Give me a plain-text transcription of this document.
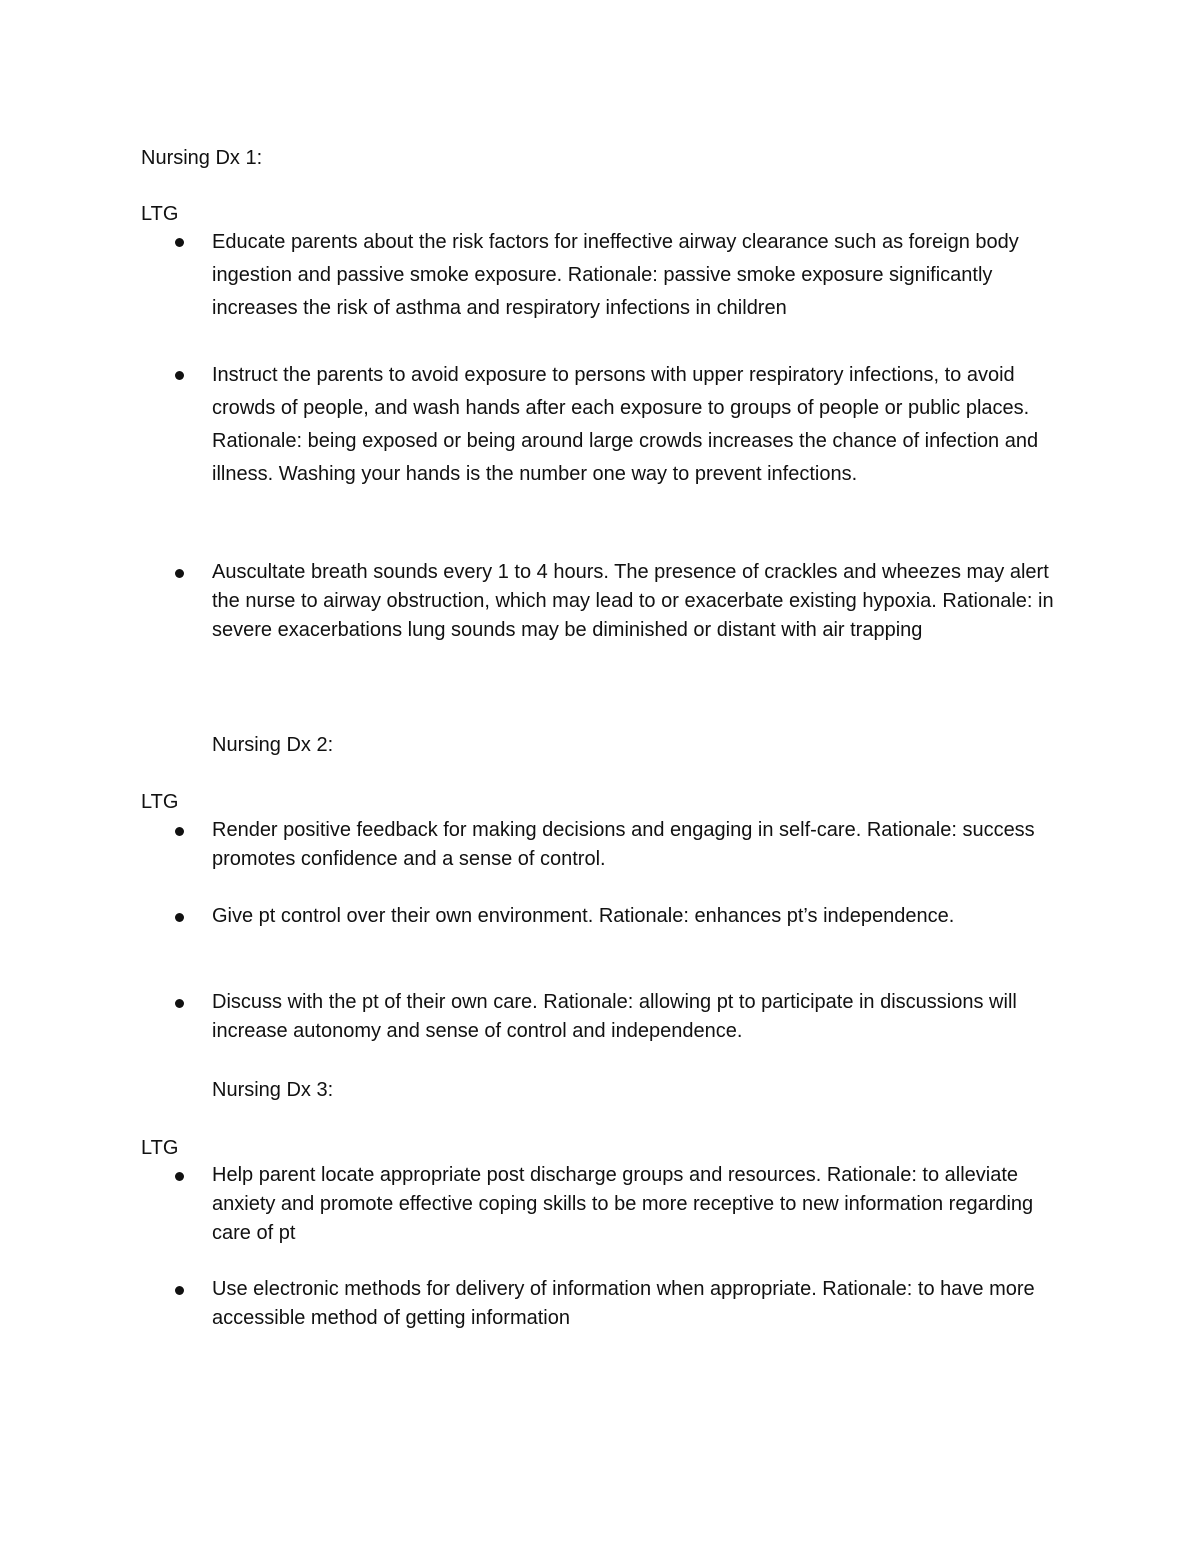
Nursing Dx 1:
LTG
Educate parents about the risk factors for ineffective airway clearance such as foreign body ingestion and passive smoke exposure. Rationale: passive smoke exposure significantly increases the risk of asthma and respiratory infections in children
Instruct the parents to avoid exposure to persons with upper respiratory infections, to avoid crowds of people, and wash hands after each exposure to groups of people or public places. Rationale: being exposed or being around large crowds increases the chance of infection and illness. Washing your hands is the number one way to prevent infections.
Auscultate breath sounds every 1 to 4 hours. The presence of crackles and wheezes may alert the nurse to airway obstruction, which may lead to or exacerbate existing hypoxia. Rationale: in severe exacerbations lung sounds may be diminished or distant with air trapping
Nursing Dx 2:
LTG
Render positive feedback for making decisions and engaging in self-care. Rationale: success promotes confidence and a sense of control.
Give pt control over their own environment. Rationale: enhances pt’s independence.
Discuss with the pt of their own care. Rationale: allowing pt to participate in discussions will increase autonomy and sense of control and independence.
Nursing Dx 3:
LTG
Help parent locate appropriate post discharge groups and resources. Rationale: to alleviate anxiety and promote effective coping skills to be more receptive to new information regarding care of pt
Use electronic methods for delivery of information when appropriate. Rationale: to have more accessible method of getting information
